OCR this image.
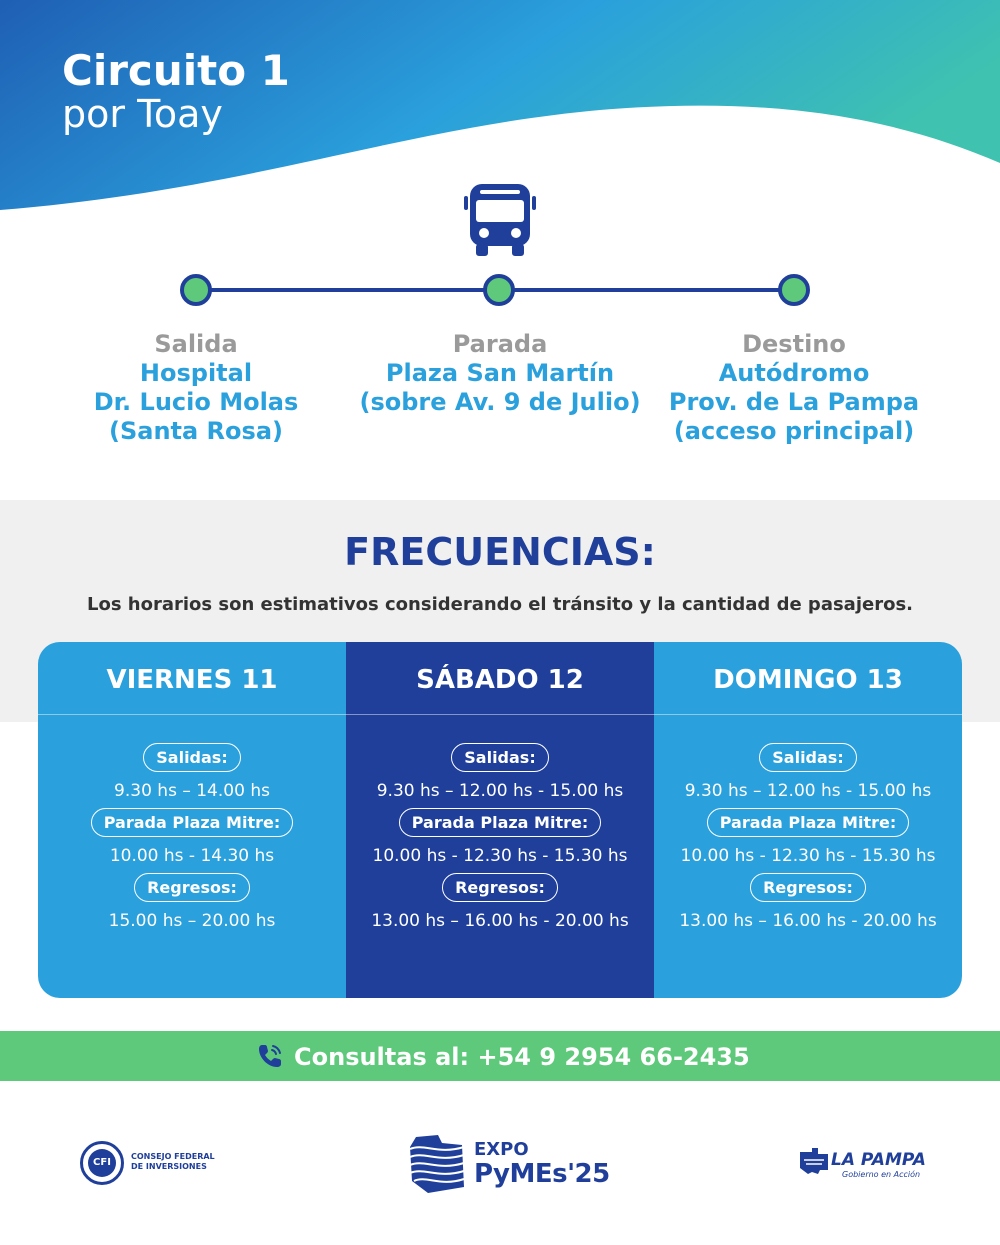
Circuito 1
por Toay
Salida
Hospital
Dr. Lucio Molas
(Santa Rosa)
Parada
Plaza San Martín
(sobre Av. 9 de Julio)
Destino
Autódromo
Prov. de La Pampa
(acceso principal)
FRECUENCIAS:
Los horarios son estimativos considerando el tránsito y la cantidad de pasajeros.
VIERNES 11
Salidas:
9.30 hs – 14.00 hs
Parada Plaza Mitre:
10.00 hs - 14.30 hs
Regresos:
15.00 hs – 20.00 hs
SÁBADO 12
Salidas:
9.30 hs – 12.00 hs - 15.00 hs
Parada Plaza Mitre:
10.00 hs - 12.30 hs - 15.30 hs
Regresos:
13.00 hs – 16.00 hs - 20.00 hs
DOMINGO 13
Salidas:
9.30 hs – 12.00 hs - 15.00 hs
Parada Plaza Mitre:
10.00 hs - 12.30 hs - 15.30 hs
Regresos:
13.00 hs – 16.00 hs - 20.00 hs
Consultas al: +54 9 2954 66-2435
CFI
CONSEJO FEDERAL
DE INVERSIONES
EXPO
PyMEs'25	LA PAMPA
Gobierno en Acción
